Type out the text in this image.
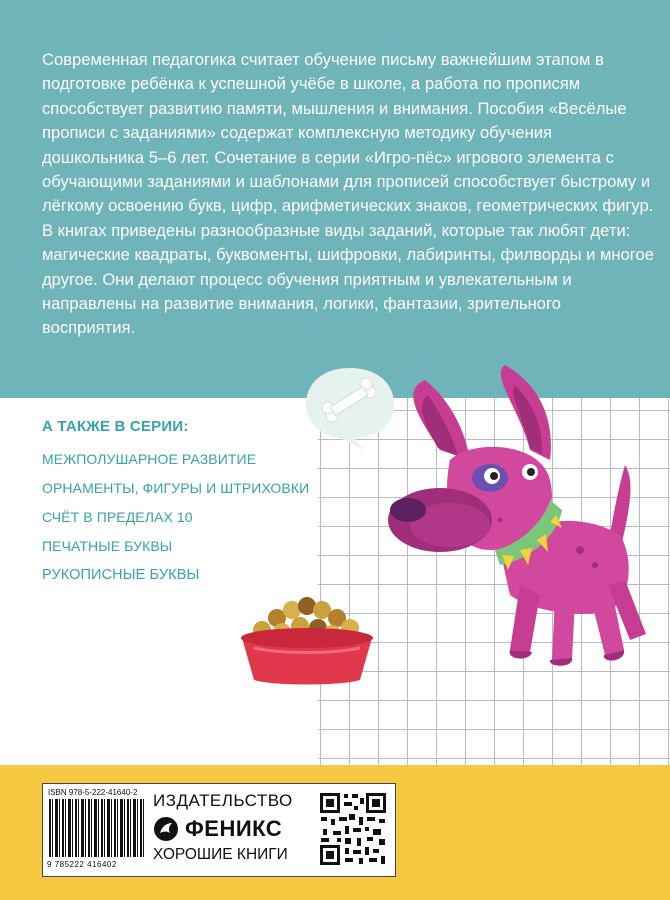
Современная педагогика считает обучение письму важнейшим этапом в подготовке ребёнка к успешной учёбе в школе, а работа по прописям способствует развитию памяти, мышления и внимания. Пособия «Весёлые прописи с заданиями» содержат комплексную методику обучения дошкольника 5–6 лет. Сочетание в серии «Игро-пёс» игрового элемента с обучающими заданиями и шаблонами для прописей способствует быстрому и лёгкому освоению букв, цифр, арифметических знаков, геометрических фигур.

В книгах приведены разнообразные виды заданий, которые так любят дети: магические квадраты, буквоменты, шифровки, лабиринты, филворды и многое другое. Они делают процесс обучения приятным и увлекательным и направлены на развитие внимания, логики, фантазии, зрительного восприятия.

А ТАКЖЕ В СЕРИИ:
МЕЖПОЛУШАРНОЕ РАЗВИТИЕ
ОРНАМЕНТЫ, ФИГУРЫ И ШТРИХОВКИ
СЧЁТ В ПРЕДЕЛАХ 10
ПЕЧАТНЫЕ БУКВЫ
РУКОПИСНЫЕ БУКВЫ
ISBN 978-5-222-41640-2
9 785222 416402
ИЗДАТЕЛЬСТВО
ФЕНИКС
ХОРОШИЕ КНИГИ
